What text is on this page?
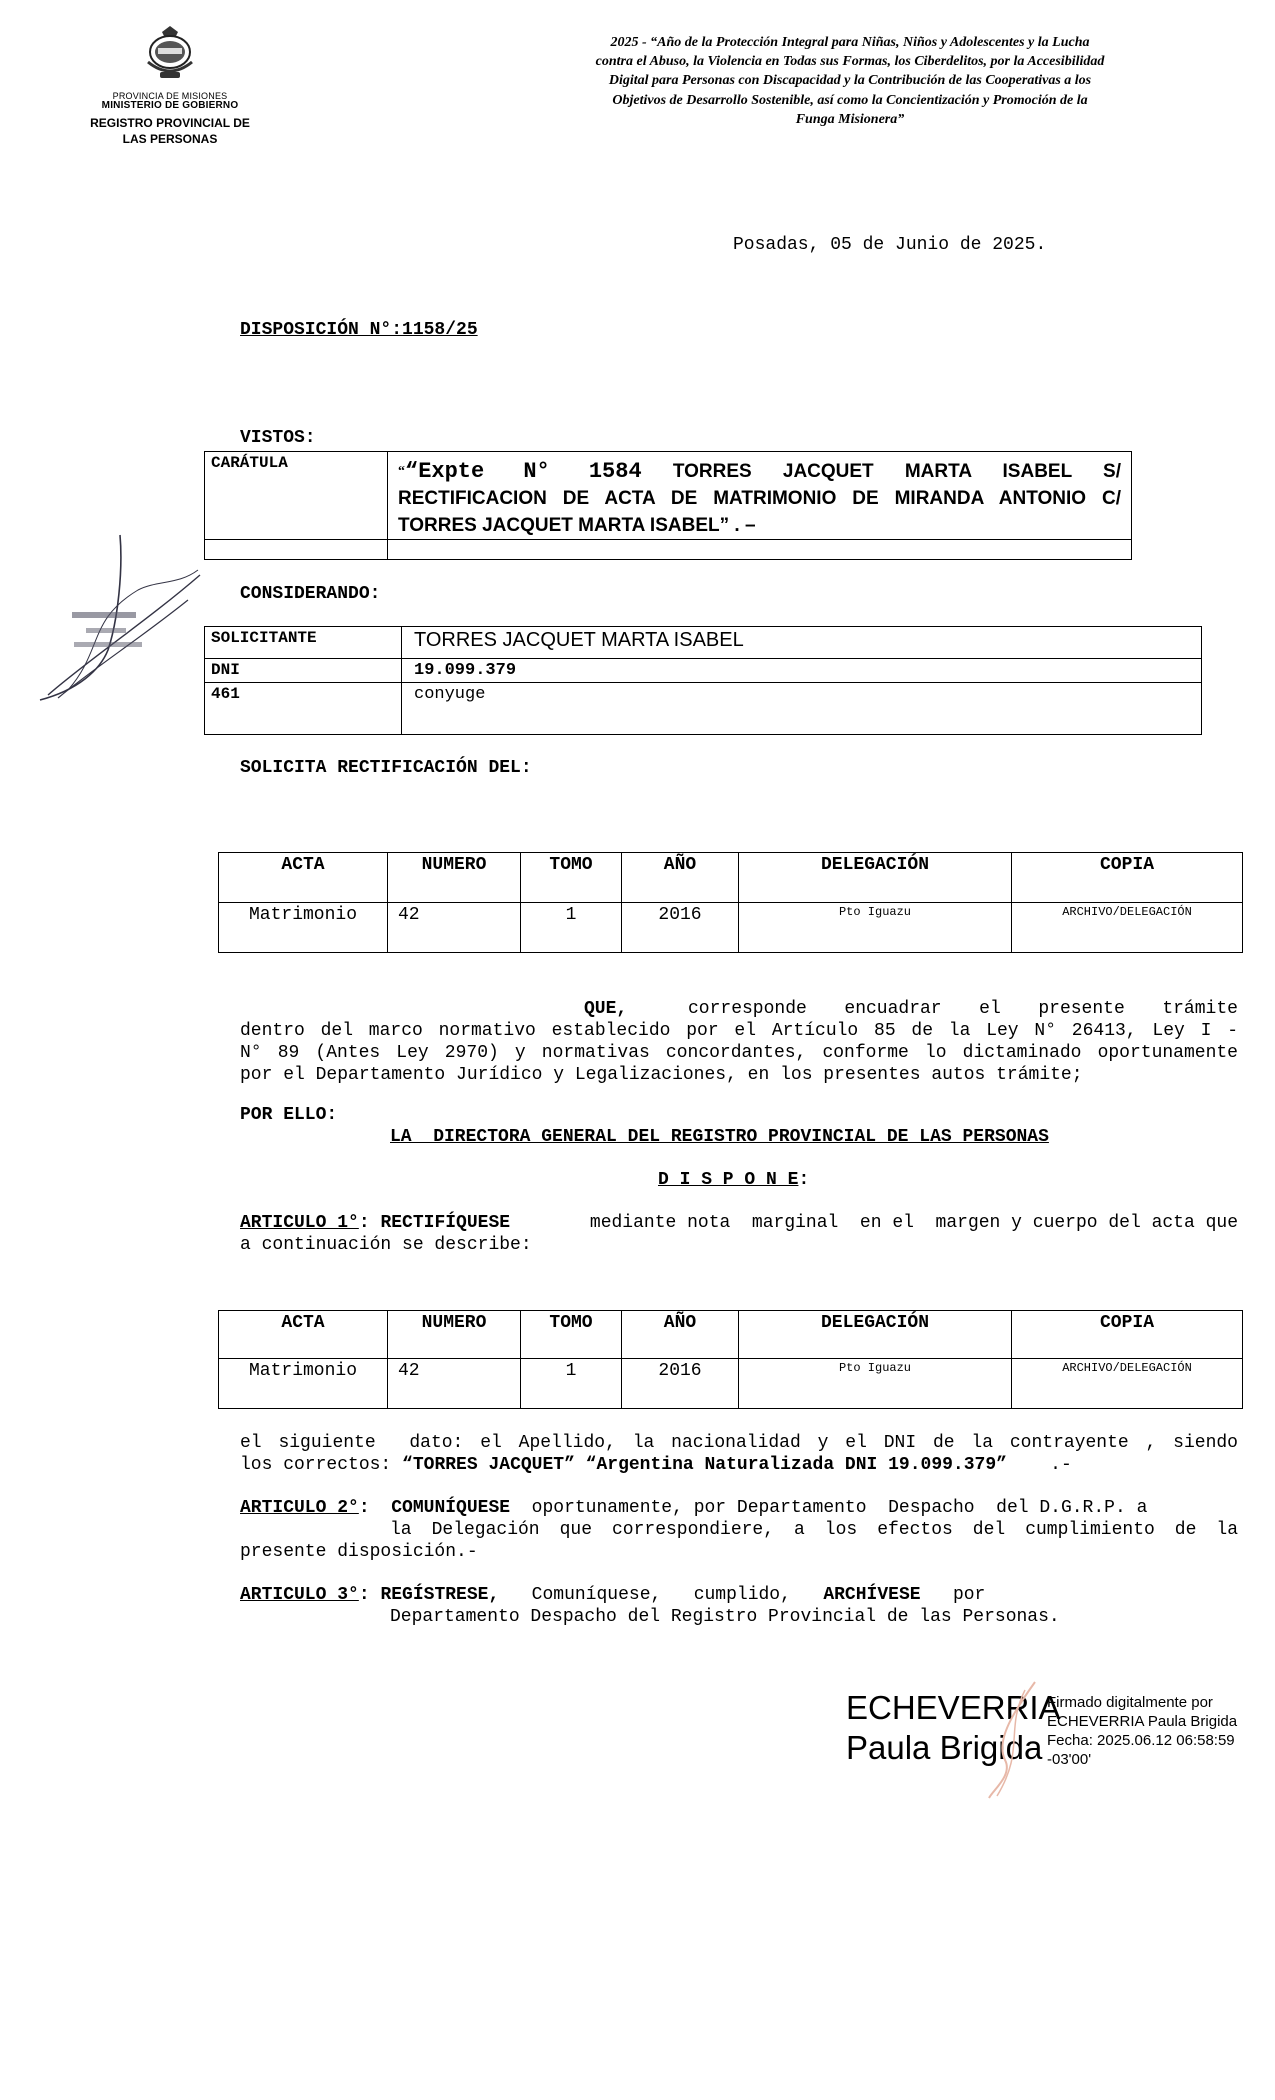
PROVINCIA DE MISIONES
MINISTERIO DE GOBIERNO
REGISTRO PROVINCIAL DE
LAS PERSONAS
2025 - “Año de la Protección Integral para Niñas, Niños y Adolescentes y la Lucha
contra el Abuso, la Violencia en Todas sus Formas, los Ciberdelitos, por la Accesibilidad
Digital para Personas con Discapacidad y la Contribución de las Cooperativas a los
Objetivos de Desarrollo Sostenible, así como la Concientización y Promoción de la
Funga Misionera”
Posadas, 05 de Junio de 2025.
DISPOSICIÓN N°:1158/25
VISTOS:
CARÁTULA	““Expte N° 1584 TORRES JACQUET MARTA ISABEL S/
RECTIFICACION DE ACTA DE MATRIMONIO DE MIRANDA ANTONIO C/
TORRES JACQUET MARTA ISABEL” . –

CONSIDERANDO:
SOLICITANTE	TORRES JACQUET MARTA ISABEL
DNI	19.099.379
461	conyuge
SOLICITA RECTIFICACIÓN DEL:
ACTA	NUMERO	TOMO	AÑO	DELEGACIÓN	COPIA
Matrimonio	42	1	2016	Pto Iguazu	ARCHIVO/DELEGACIÓN
QUE,	corresponde encuadrar el presente trámite
dentro del marco normativo establecido por el Artículo 85 de la Ley N° 26413, Ley I -
N° 89 (Antes Ley 2970) y normativas concordantes, conforme lo dictaminado oportunamente
por el Departamento Jurídico y Legalizaciones, en los presentes autos trámite;
POR ELLO:
LA  DIRECTORA GENERAL DEL REGISTRO PROVINCIAL DE LAS PERSONAS
D I S P O N E:
ARTICULO 1°: RECTIFÍQUESE	mediante nota  marginal  en el  margen y cuerpo del acta que
a continuación se describe:
ACTA	NUMERO	TOMO	AÑO	DELEGACIÓN	COPIA
Matrimonio	42	1	2016	Pto Iguazu	ARCHIVO/DELEGACIÓN
el siguiente  dato: el Apellido, la nacionalidad y el DNI de la contrayente , siendo
los correctos: “TORRES JACQUET” “Argentina Naturalizada DNI 19.099.379” .-
ARTICULO 2°:  COMUNÍQUESE oportunamente, por Departamento  Despacho  del D.G.R.P. a
la Delegación que correspondiere, a los efectos del cumplimiento de la
presente disposición.-
ARTICULO 3°: REGÍSTRESE, Comuníquese,   cumplido, ARCHÍVESE por
Departamento Despacho del Registro Provincial de las Personas.
ECHEVERRIA
Paula Brigida
Firmado digitalmente por
ECHEVERRIA Paula Brigida
Fecha: 2025.06.12 06:58:59
-03'00'
